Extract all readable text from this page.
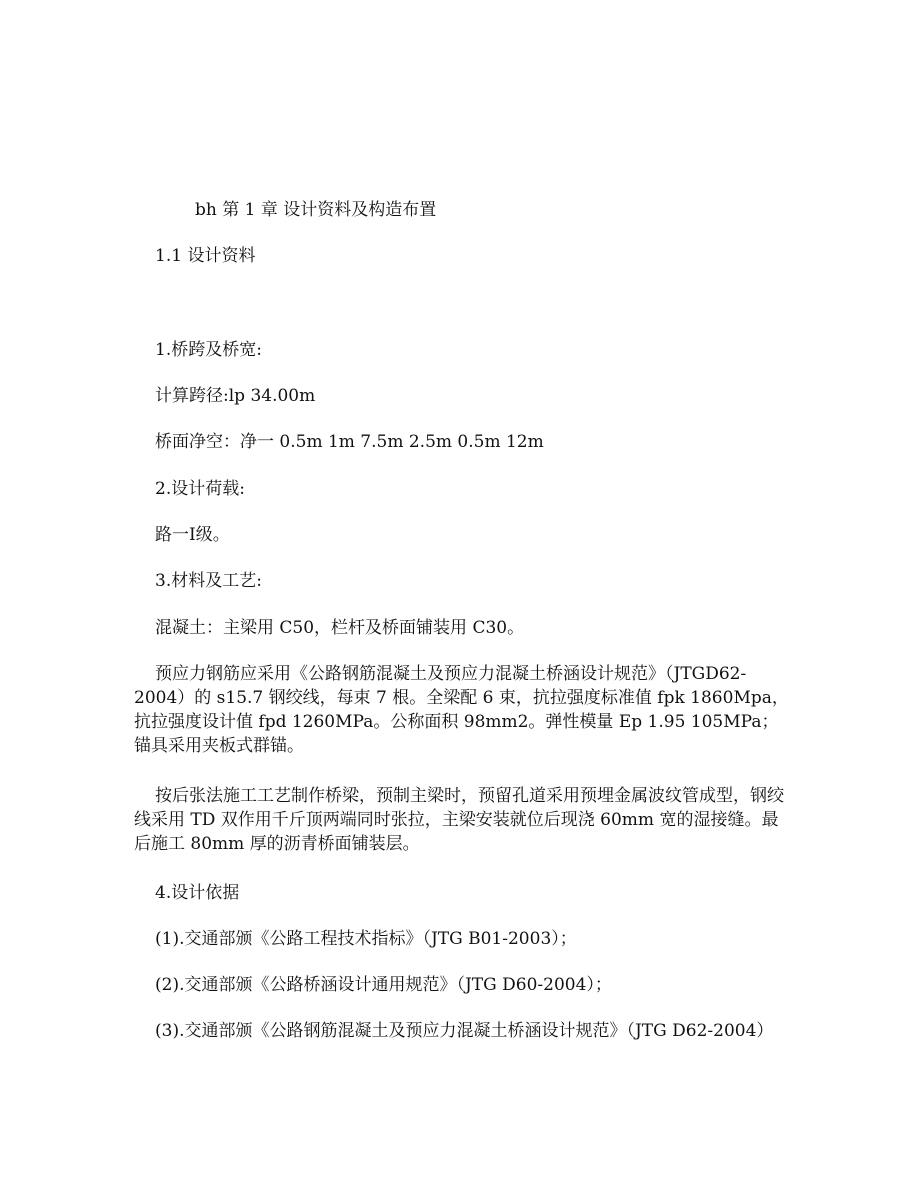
bh 第 1 章 设计资料及构造布置
1.1 设计资料
1.桥跨及桥宽:
计算跨径:lp 34.00m
桥面净空：净一 0.5m 1m 7.5m 2.5m 0.5m 12m
2.设计荷载:
路一Ⅰ级。
3.材料及工艺:
混凝土：主梁用 C50，栏杆及桥面铺装用 C30。
预应力钢筋应采用《公路钢筋混凝土及预应力混凝土桥涵设计规范》（JTGD62-2004）的 s15.7 钢绞线，每束 7 根。全梁配 6 束，抗拉强度标准值 fpk 1860Mpa，抗拉强度设计值 fpd 1260MPa。公称面积 98mm2。弹性模量 Ep 1.95 105MPa；锚具采用夹板式群锚。
按后张法施工工艺制作桥梁，预制主梁时，预留孔道采用预埋金属波纹管成型，钢绞线采用 TD 双作用千斤顶两端同时张拉，主梁安装就位后现浇 60mm 宽的湿接缝。最后施工 80mm 厚的沥青桥面铺装层。
4.设计依据
(1).交通部颁《公路工程技术指标》（JTG B01-2003）；
(2).交通部颁《公路桥涵设计通用规范》（JTG D60-2004）；
(3).交通部颁《公路钢筋混凝土及预应力混凝土桥涵设计规范》（JTG D62-2004）
